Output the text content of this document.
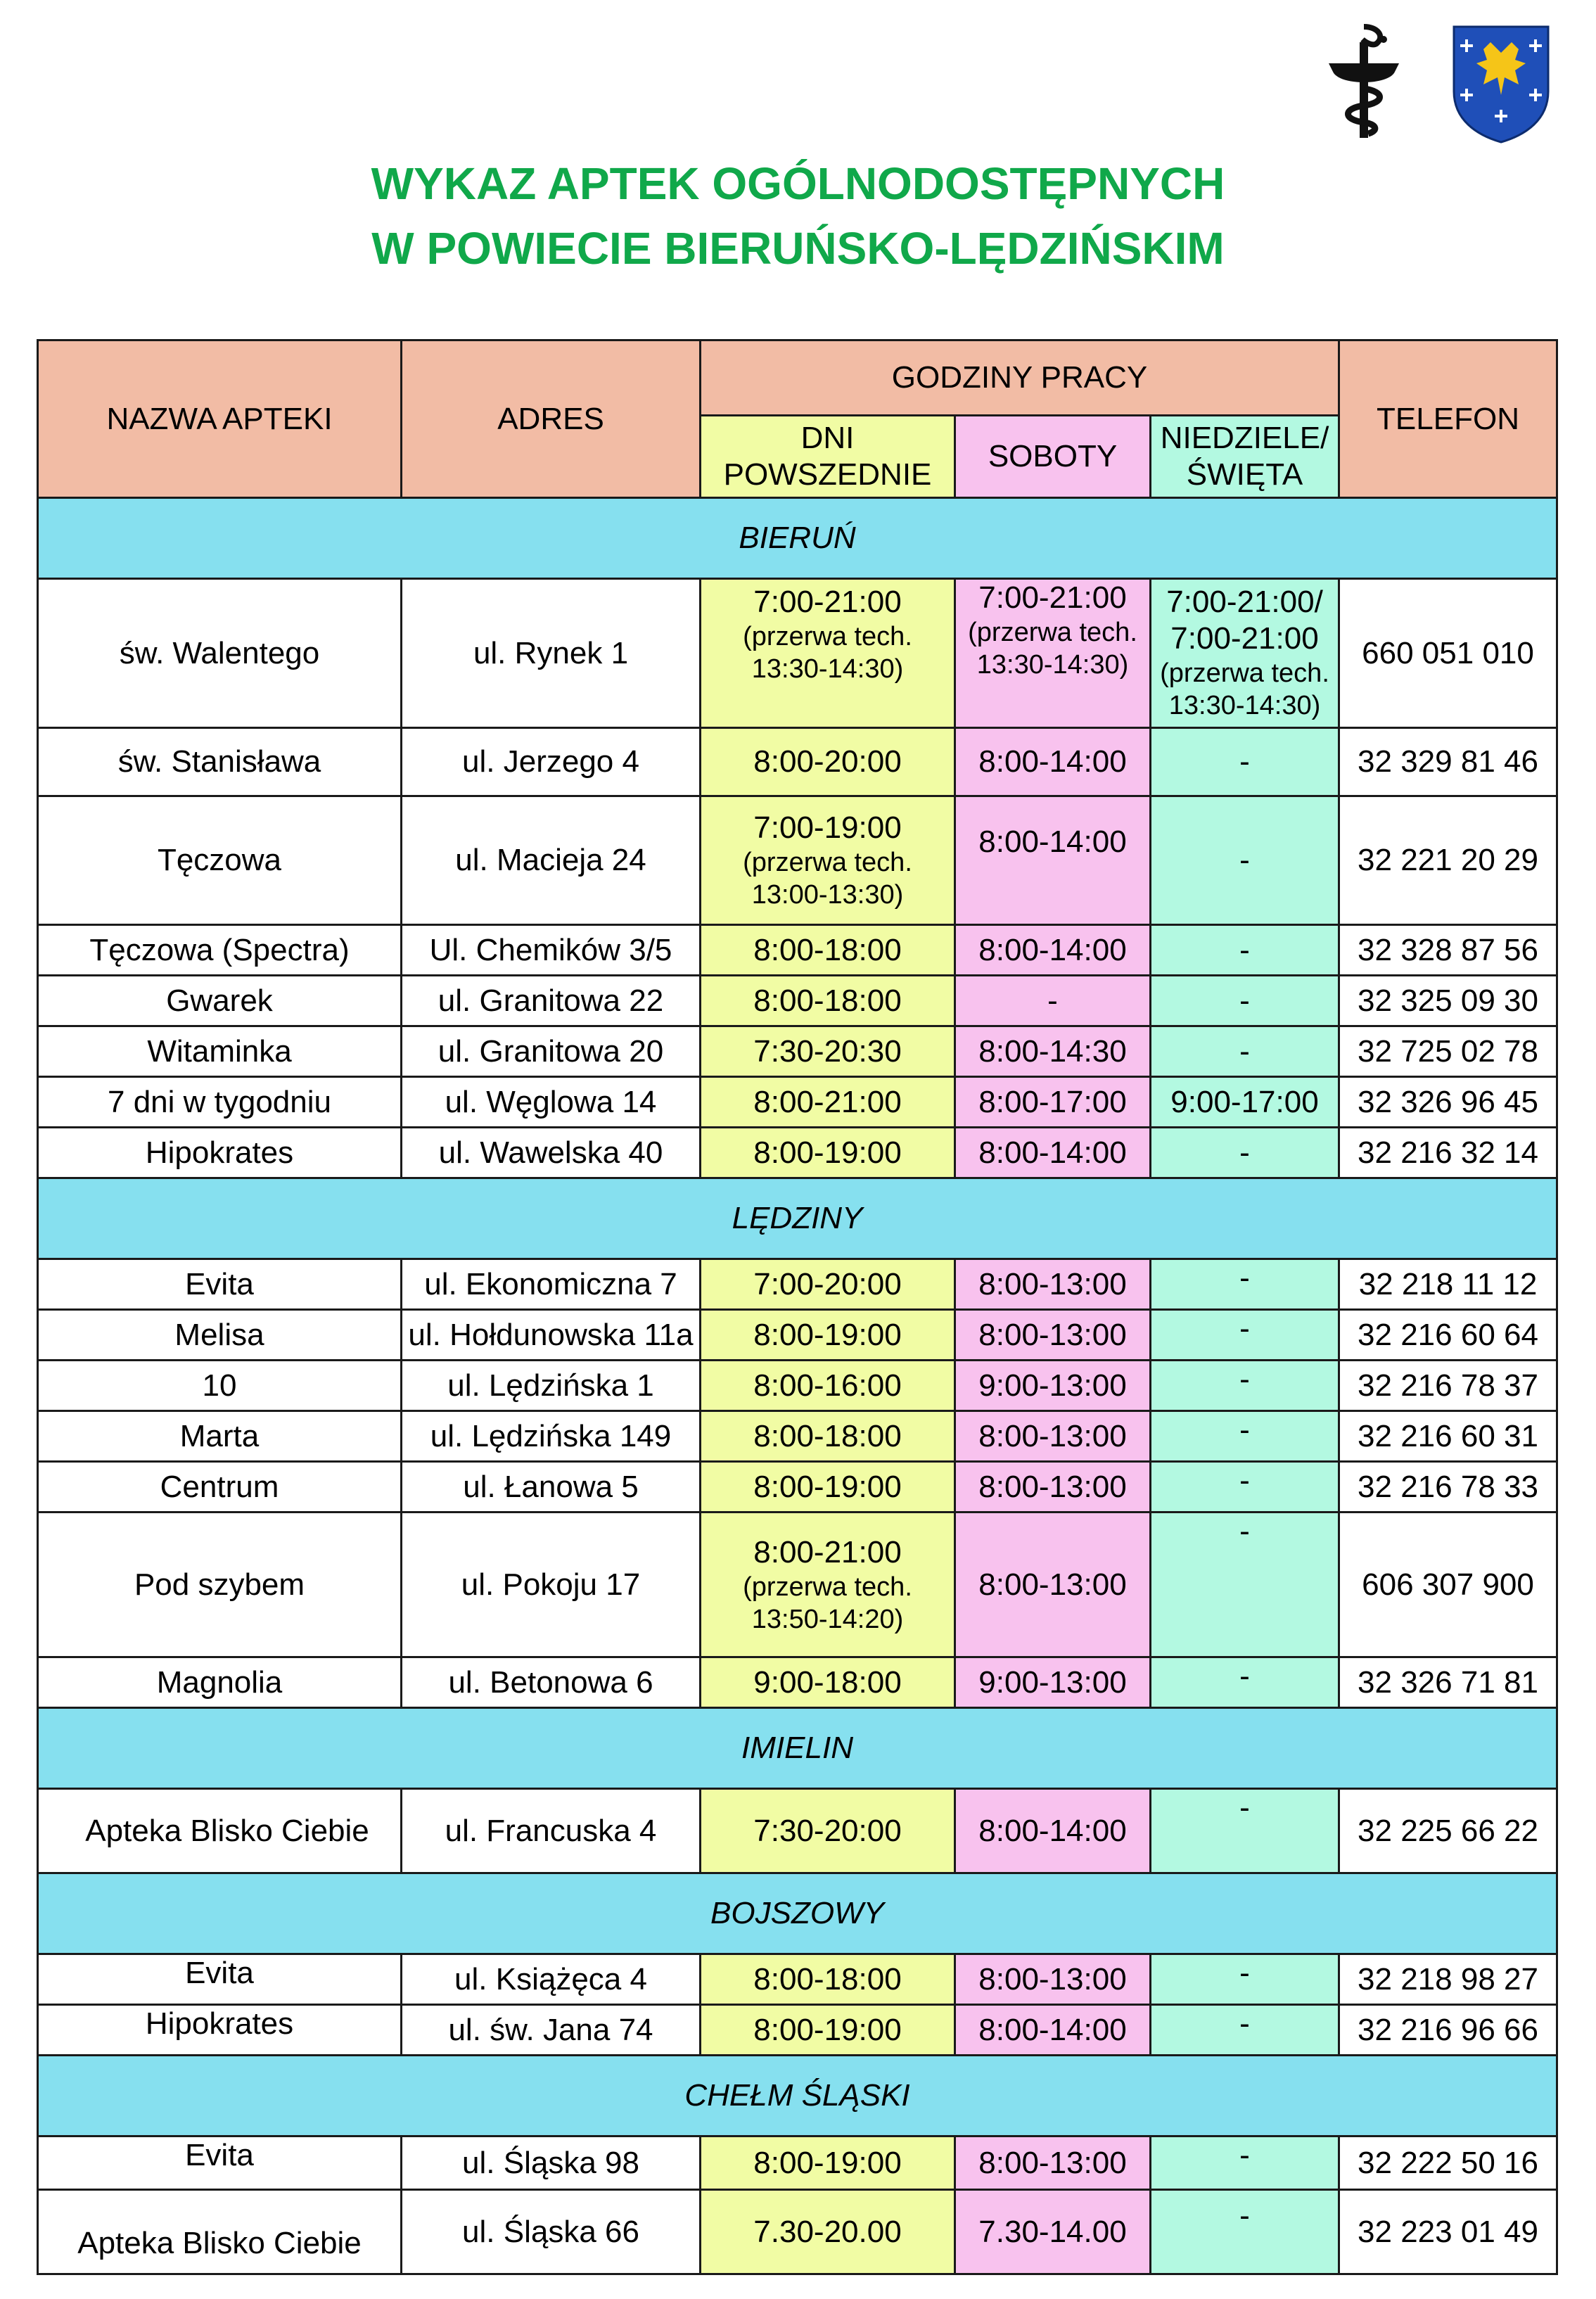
WYKAZ APTEK OGÓLNODOSTĘPNYCH
W POWIECIE BIERUŃSKO-LĘDZIŃSKIM
NAZWA APTEKI	ADRES	GODZINY PRACY			TELEFON

		DNI
POWSZEDNIE	SOBOTY	NIEDZIELE/
ŚWIĘTA	

BIERUŃ					
św. Walentego	ul. Rynek 1	7:00-21:00
(przerwa tech.
13:30-14:30)	7:00-21:00
(przerwa tech.
13:30-14:30)	7:00-21:00/
7:00-21:00
(przerwa tech.
13:30-14:30)	660 051 010
św. Stanisława	ul. Jerzego 4	8:00-20:00	8:00-14:00	-	32 329 81 46
Tęczowa	ul. Macieja 24	7:00-19:00
(przerwa tech.
13:00-13:30)	8:00-14:00	-	32 221 20 29
Tęczowa (Spectra)	Ul. Chemików 3/5	8:00-18:00	8:00-14:00	-	32 328 87 56
Gwarek	ul. Granitowa 22	8:00-18:00	-	-	32 325 09 30
Witaminka	ul. Granitowa 20	7:30-20:30	8:00-14:30	-	32 725 02 78
7 dni w tygodniu	ul. Węglowa 14	8:00-21:00	8:00-17:00	9:00-17:00	32 326 96 45
Hipokrates	ul. Wawelska 40	8:00-19:00	8:00-14:00	-	32 216 32 14
LĘDZINY					
Evita	ul. Ekonomiczna 7	7:00-20:00	8:00-13:00	-	32 218 11 12
Melisa	ul. Hołdunowska 11a	8:00-19:00	8:00-13:00	-	32 216 60 64
10	ul. Lędzińska 1	8:00-16:00	9:00-13:00	-	32 216 78 37
Marta	ul. Lędzińska 149	8:00-18:00	8:00-13:00	-	32 216 60 31
Centrum	ul. Łanowa 5	8:00-19:00	8:00-13:00	-	32 216 78 33
Pod szybem	ul. Pokoju 17	8:00-21:00
(przerwa tech.
13:50-14:20)	8:00-13:00	-	606 307 900
Magnolia	ul. Betonowa 6	9:00-18:00	9:00-13:00	-	32 326 71 81
IMIELIN					
Apteka Blisko Ciebie	ul. Francuska 4	7:30-20:00	8:00-14:00	-	32 225 66 22
BOJSZOWY					
Evita	ul. Książęca 4	8:00-18:00	8:00-13:00	-	32 218 98 27
Hipokrates	ul. św. Jana 74	8:00-19:00	8:00-14:00	-	32 216 96 66
CHEŁM ŚLĄSKI					
Evita	ul. Śląska 98	8:00-19:00	8:00-13:00	-	32 222 50 16
Apteka Blisko Ciebie	ul. Śląska 66	7.30-20.00	7.30-14.00	-	32 223 01 49
